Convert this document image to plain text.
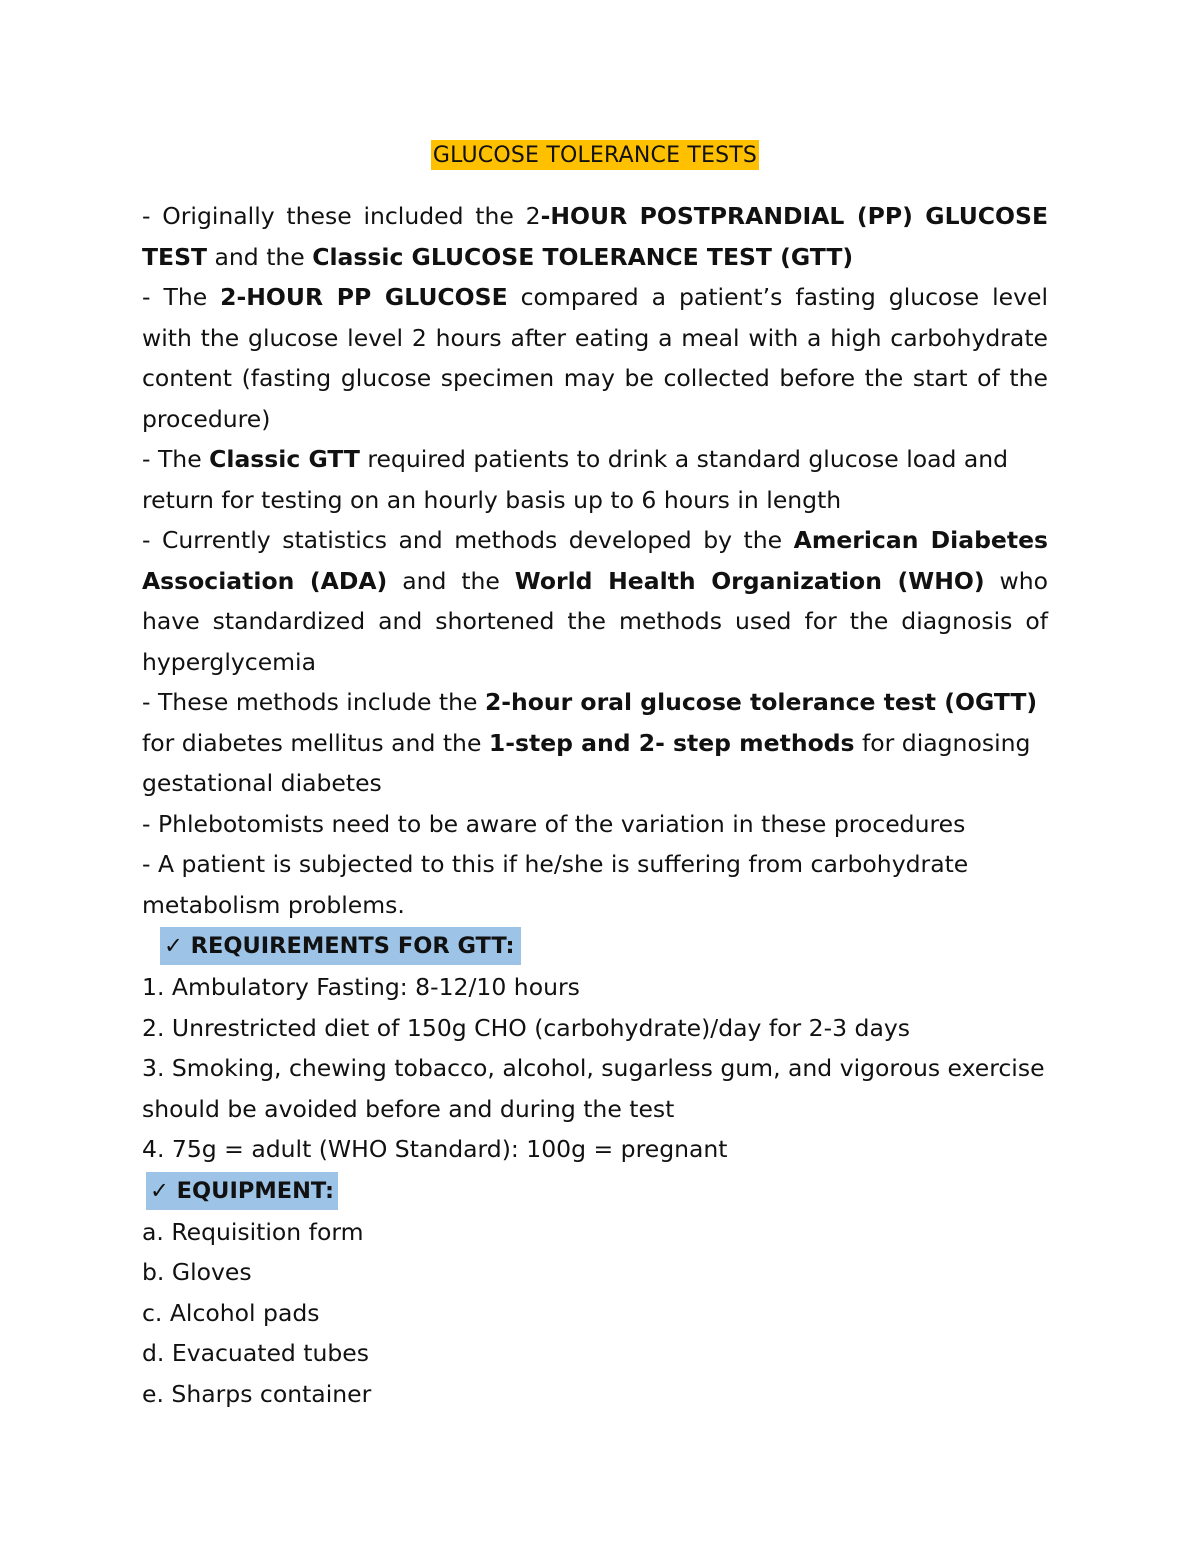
GLUCOSE TOLERANCE TESTS

- Originally these included the 2-HOUR POSTPRANDIAL (PP) GLUCOSE TEST and the Classic GLUCOSE TOLERANCE TEST (GTT)

- The 2-HOUR PP GLUCOSE compared a patient’s fasting glucose level with the glucose level 2 hours after eating a meal with a high carbohydrate content (fasting glucose specimen may be collected before the start of the procedure)

- The Classic GTT required patients to drink a standard glucose load and return for testing on an hourly basis up to 6 hours in length

- Currently statistics and methods developed by the American Diabetes Association (ADA) and the World Health Organization (WHO) who have standardized and shortened the methods used for the diagnosis of hyperglycemia

- These methods include the 2-hour oral glucose tolerance test (OGTT) for diabetes mellitus and the 1-step and 2- step methods for diagnosing gestational diabetes

- Phlebotomists need to be aware of the variation in these procedures

- A patient is subjected to this if he/she is suffering from carbohydrate metabolism problems.

✓ REQUIREMENTS FOR GTT:

1. Ambulatory Fasting: 8-12/10 hours

2. Unrestricted diet of 150g CHO (carbohydrate)/day for 2-3 days

3. Smoking, chewing tobacco, alcohol, sugarless gum, and vigorous exercise should be avoided before and during the test

4. 75g = adult (WHO Standard): 100g = pregnant

✓ EQUIPMENT:

a. Requisition form

b. Gloves

c. Alcohol pads

d. Evacuated tubes

e. Sharps container
